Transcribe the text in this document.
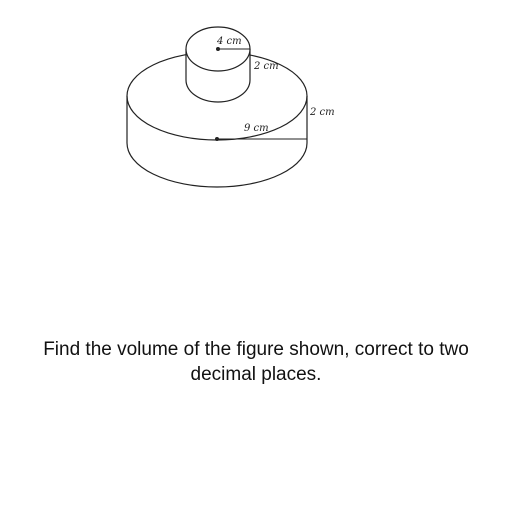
4 cm
2 cm
2 cm
9 cm
Find the volume of the figure shown, correct to two
decimal places.
